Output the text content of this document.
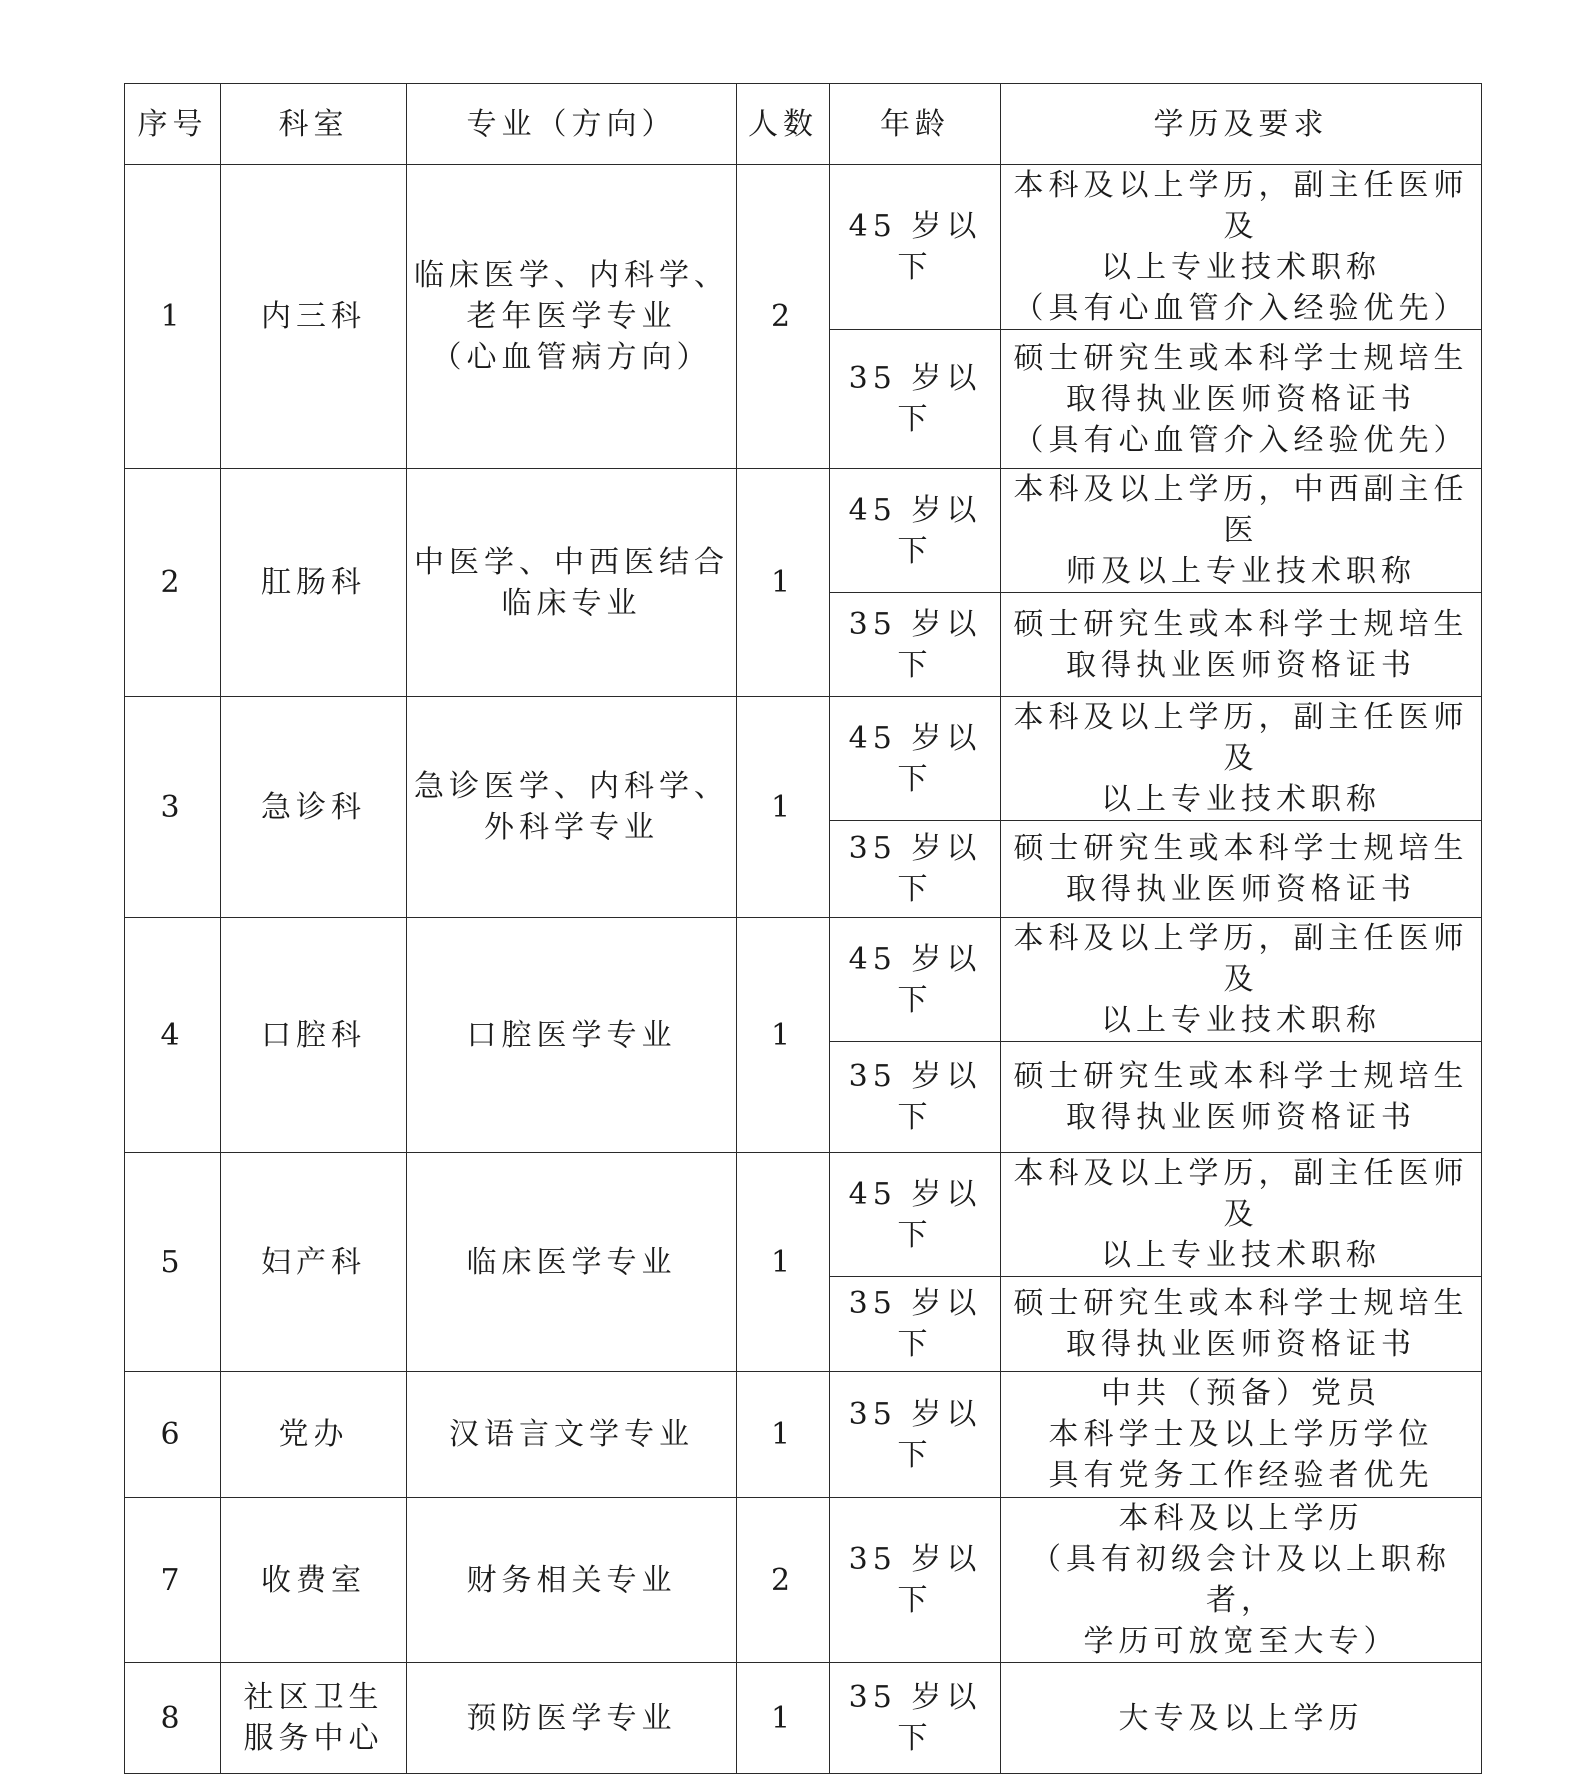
序号	科室	专业（方向）	人数	年龄	学历及要求
1	内三科	临床医学、内科学、
老年医学专业
（心血管病方向）	2	45 岁以下	本科及以上学历，副主任医师及
以上专业技术职称
（具有心血管介入经验优先）
				35 岁以下	硕士研究生或本科学士规培生
取得执业医师资格证书
（具有心血管介入经验优先）
2	肛肠科	中医学、中西医结合
临床专业	1	45 岁以下	本科及以上学历，中西副主任医
师及以上专业技术职称
				35 岁以下	硕士研究生或本科学士规培生
取得执业医师资格证书
3	急诊科	急诊医学、内科学、
外科学专业	1	45 岁以下	本科及以上学历，副主任医师及
以上专业技术职称
				35 岁以下	硕士研究生或本科学士规培生
取得执业医师资格证书
4	口腔科	口腔医学专业	1	45 岁以下	本科及以上学历，副主任医师及
以上专业技术职称
				35 岁以下	硕士研究生或本科学士规培生
取得执业医师资格证书
5	妇产科	临床医学专业	1	45 岁以下	本科及以上学历，副主任医师及
以上专业技术职称
				35 岁以下	硕士研究生或本科学士规培生
取得执业医师资格证书
6	党办	汉语言文学专业	1	35 岁以下	中共（预备）党员
本科学士及以上学历学位
具有党务工作经验者优先
7	收费室	财务相关专业	2	35 岁以下	本科及以上学历
（具有初级会计及以上职称者，
学历可放宽至大专）
8	社区卫生
服务中心	预防医学专业	1	35 岁以下	大专及以上学历
